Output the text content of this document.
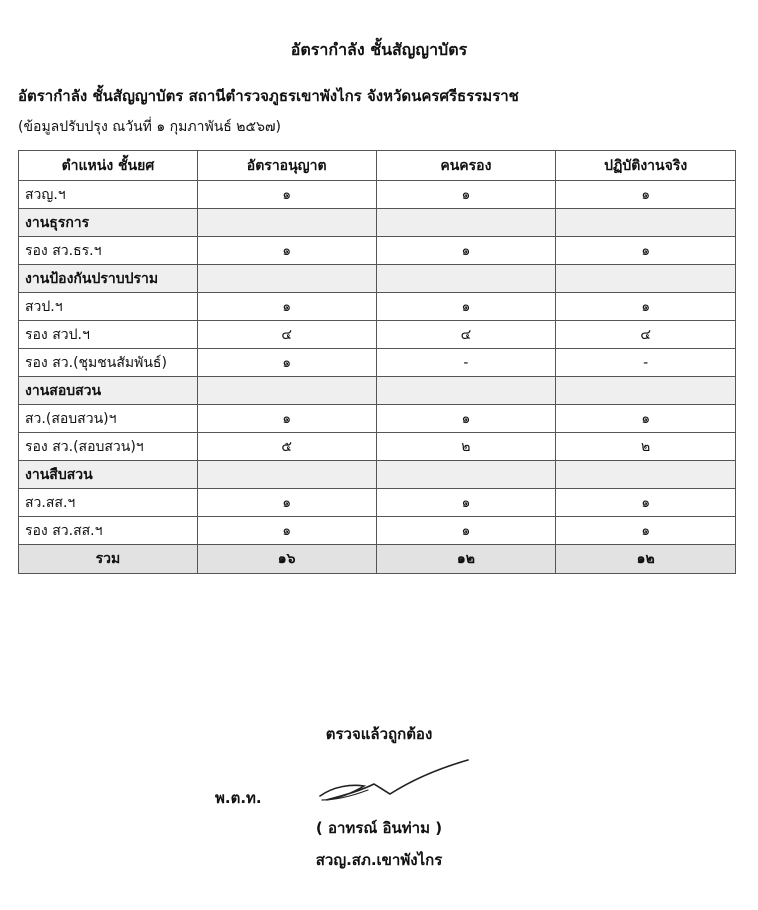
อัตรากำลัง ชั้นสัญญาบัตร
อัตรากำลัง ชั้นสัญญาบัตร สถานีตำรวจภูธรเขาพังไกร จังหวัดนครศรีธรรมราช
(ข้อมูลปรับปรุง ณวันที่ ๑ กุมภาพันธ์ ๒๕๖๗)
ตำแหน่ง ชั้นยศ	อัตราอนุญาต	คนครอง	ปฏิบัติงานจริง
สวญ.ฯ	๑	๑	๑
งานธุรการ			
รอง สว.ธร.ฯ	๑	๑	๑
งานป้องกันปราบปราม			
สวป.ฯ	๑	๑	๑
รอง สวป.ฯ	๔	๔	๔
รอง สว.(ชุมชนสัมพันธ์)	๑	-	-
งานสอบสวน			
สว.(สอบสวน)ฯ	๑	๑	๑
รอง สว.(สอบสวน)ฯ	๕	๒	๒
งานสืบสวน			
สว.สส.ฯ	๑	๑	๑
รอง สว.สส.ฯ	๑	๑	๑
รวม	๑๖	๑๒	๑๒
ตรวจแล้วถูกต้อง
พ.ต.ท.
( อาทรณ์ อินท่าม )
สวญ.สภ.เขาพังไกร
